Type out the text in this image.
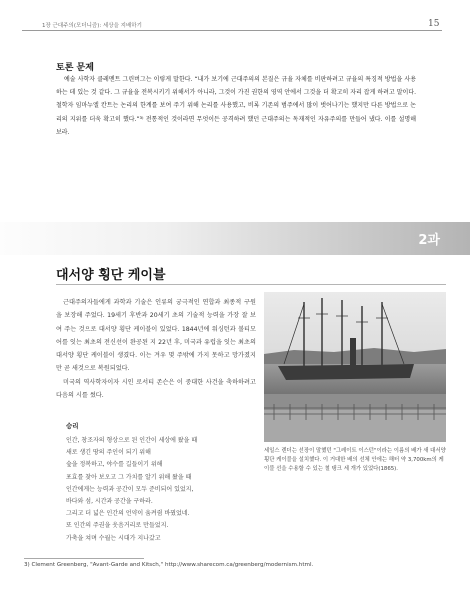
1장 근대주의(모더니즘): 세상을 지배하기	15
토론 문제
예술 사학자 클레멘트 그린버그는 이렇게 말한다. “내가 보기에 근대주의의 본질은 규율 자체를 비판하려고 규율의 특징적 방법을 사용하는 데 있는 것 같다. 그 규율을 전복시키기 위해서가 아니라, 그것이 가진 권한의 영역 안에서 그것을 더 확고히 자리 잡게 하려고 말이다. 철학자 임마누엘 칸트는 논리의 한계를 보여 주기 위해 논리를 사용했고, 비록 기존의 범주에서 많이 벗어나기는 했지만 다른 방법으로 논리의 지위를 더욱 확고히 했다.”³⁾ 전통적인 것이라면 무엇이든 공격하려 했던 근대주의는 독재적인 자유주의를 만들어 냈다. 이를 설명해 보라.
2과
대서양 횡단 케이블
근대주의자들에게 과학과 기술은 인류의 궁극적인 연합과 최종적 구원을 보장해 주었다. 19세기 후반과 20세기 초의 기술적 능력을 가장 잘 보여 주는 것으로 대서양 횡단 케이블이 있었다. 1844년에 워싱턴과 볼티모어를 잇는 최초의 전신선이 완공된 지 22년 후, 미국과 유럽을 잇는 최초의 대서양 횡단 케이블이 생겼다. 이는 겨우 몇 주밖에 가지 못하고 망가졌지만 곧 새것으로 복원되었다.
미국의 역사학자이자 시인 로서티 존슨은 이 중대한 사건을 축하하려고 다음의 시를 썼다.
승리
인간, 창조자의 형상으로 된 인간이 세상에 왔을 때
새로 생긴 땅의 주인이 되기 위해
숲을 정복하고, 야수를 길들이기 위해
포효를 찾아 보오고 그 가치를 알기 위해 왔을 때
인간에게는 능력과 공간이 모두 준비되어 있었지,
바다와 섬, 시간과 공간을 구하라.
그리고 더 넓은 인간의 언약이 움켜쥠 바꿨었네.
또 인간의 주권을 웃음거리로 만들었지.
가축을 쳐며 수월는 시대가 지나갔고
세일스 렌더는 선장이 말했던 "그레이트 이스턴"이라는 이름의 배가 새 대서양 횡단 케이블을 설치했다. 이 거대한 배의 선체 안에는 해터 약 3,700km의 케이블 선을 수용할 수 있는 철 탱크 세 개가 있었다(1865).
3) Clement Greenberg, "Avant-Garde and Kitsch," http://www.sharecom.ca/greenberg/modernism.html.
